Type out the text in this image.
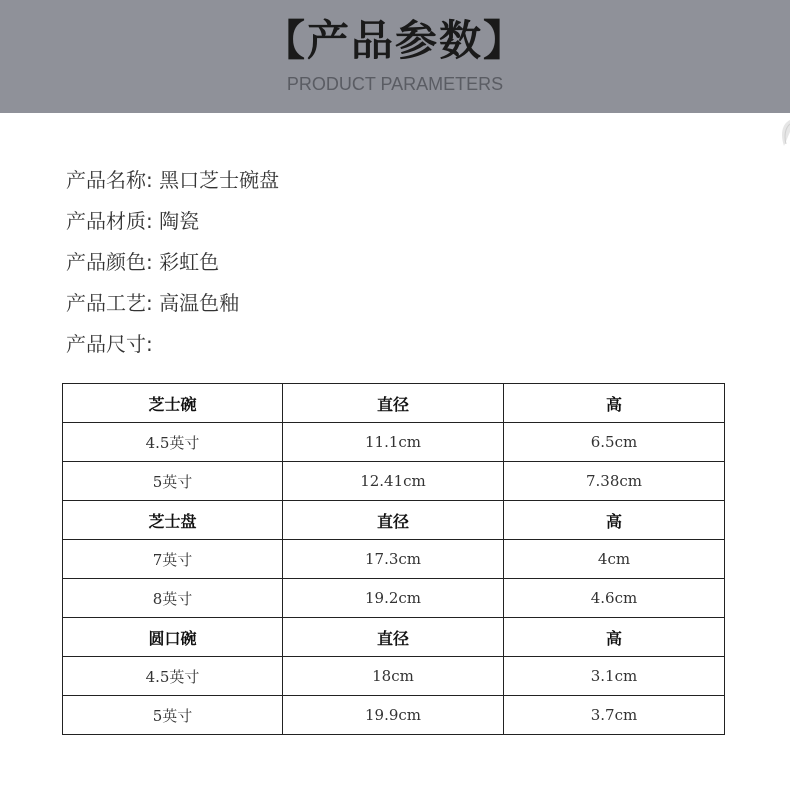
【产品参数】
PRODUCT PARAMETERS
产品名称: 黑口芝士碗盘
产品材质: 陶瓷
产品颜色: 彩虹色
产品工艺: 高温色釉
产品尺寸:
芝士碗	直径	高
4.5英寸	11.1cm	6.5cm
5英寸	12.41cm	7.38cm
芝士盘	直径	高
7英寸	17.3cm	4cm
8英寸	19.2cm	4.6cm
圆口碗	直径	高
4.5英寸	18cm	3.1cm
5英寸	19.9cm	3.7cm
